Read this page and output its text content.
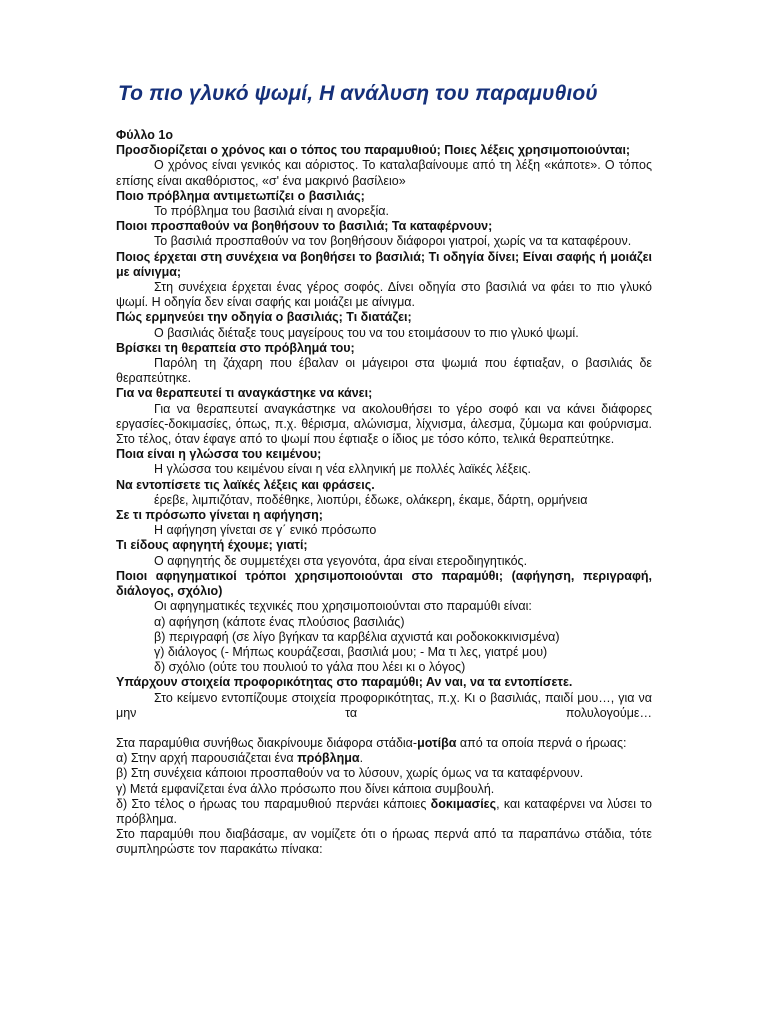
Το πιο γλυκό ψωμί, Η ανάλυση του παραμυθιού

Φύλλο 1ο

Προσδιορίζεται ο χρόνος και ο τόπος του παραμυθιού; Ποιες λέξεις χρησιμοποιούνται;

Ο χρόνος είναι γενικός και αόριστος. Το καταλαβαίνουμε από τη λέξη «κάποτε». Ο τόπος επίσης είναι ακαθόριστος, «σ' ένα μακρινό βασίλειο»

Ποιο πρόβλημα αντιμετωπίζει ο βασιλιάς;

Το πρόβλημα του βασιλιά είναι η ανορεξία.

Ποιοι προσπαθούν να βοηθήσουν το βασιλιά; Τα καταφέρνουν;

Το βασιλιά προσπαθούν να τον βοηθήσουν διάφοροι γιατροί, χωρίς να τα καταφέρουν.

Ποιος έρχεται στη συνέχεια να βοηθήσει το βασιλιά; Τι οδηγία δίνει; Είναι σαφής ή μοιάζει με αίνιγμα;

Στη συνέχεια έρχεται ένας γέρος σοφός. Δίνει οδηγία στο βασιλιά να φάει το πιο γλυκό ψωμί. Η οδηγία δεν είναι σαφής και μοιάζει με αίνιγμα.

Πώς ερμηνεύει την οδηγία ο βασιλιάς; Τι διατάζει;

Ο βασιλιάς διέταξε τους μαγείρους του να του ετοιμάσουν το πιο γλυκό ψωμί.

Βρίσκει τη θεραπεία στο πρόβλημά του;

Παρόλη τη ζάχαρη που έβαλαν οι μάγειροι στα ψωμιά που έφτιαξαν, ο βασιλιάς δε θεραπεύτηκε.

Για να θεραπευτεί τι αναγκάστηκε να κάνει;

Για να θεραπευτεί αναγκάστηκε να ακολουθήσει το γέρο σοφό και να κάνει διάφορες εργασίες-δοκιμασίες, όπως, π.χ. θέρισμα, αλώνισμα, λίχνισμα, άλεσμα, ζύμωμα και φούρνισμα. Στο τέλος, όταν έφαγε από το ψωμί που έφτιαξε ο ίδιος με τόσο κόπο, τελικά θεραπεύτηκε.

Ποια είναι η γλώσσα του κειμένου;

Η γλώσσα του κειμένου είναι η νέα ελληνική με πολλές λαϊκές λέξεις.

Να εντοπίσετε τις λαϊκές λέξεις και φράσεις.

έρεβε, λιμπιζόταν, ποδέθηκε, λιοπύρι, έδωκε, ολάκερη, έκαμε, δάρτη, ορμήνεια

Σε τι πρόσωπο γίνεται η αφήγηση;

Η αφήγηση γίνεται σε γ΄ ενικό πρόσωπο

Τι είδους αφηγητή έχουμε; γιατί;

Ο αφηγητής δε συμμετέχει στα γεγονότα, άρα είναι ετεροδιηγητικός.

Ποιοι αφηγηματικοί τρόποι χρησιμοποιούνται στο παραμύθι; (αφήγηση, περιγραφή, διάλογος, σχόλιο)

Οι αφηγηματικές τεχνικές που χρησιμοποιούνται στο παραμύθι είναι:

α) αφήγηση (κάποτε ένας πλούσιος βασιλιάς)

β) περιγραφή (σε λίγο βγήκαν τα καρβέλια αχνιστά και ροδοκοκκινισμένα)

γ) διάλογος (- Μήπως κουράζεσαι, βασιλιά μου; - Μα τι λες, γιατρέ μου)

δ) σχόλιο (ούτε του πουλιού το γάλα που λέει κι ο λόγος)

Υπάρχουν στοιχεία προφορικότητας στο παραμύθι; Αν ναι, να τα εντοπίσετε.

Στο κείμενο εντοπίζουμε στοιχεία προφορικότητας, π.χ. Κι ο βασιλιάς, παιδί μου…, για να μην τα πολυλογούμε…

Στα παραμύθια συνήθως διακρίνουμε διάφορα στάδια-μοτίβα από τα οποία περνά ο ήρωας:

α) Στην αρχή παρουσιάζεται ένα πρόβλημα.

β) Στη συνέχεια κάποιοι προσπαθούν να το λύσουν, χωρίς όμως να τα καταφέρνουν.

γ) Μετά εμφανίζεται ένα άλλο πρόσωπο που δίνει κάποια συμβουλή.

δ) Στο τέλος ο ήρωας του παραμυθιού περνάει κάποιες δοκιμασίες, και καταφέρνει να λύσει το πρόβλημα.

Στο παραμύθι που διαβάσαμε, αν νομίζετε ότι ο ήρωας περνά από τα παραπάνω στάδια, τότε συμπληρώστε τον παρακάτω πίνακα:
